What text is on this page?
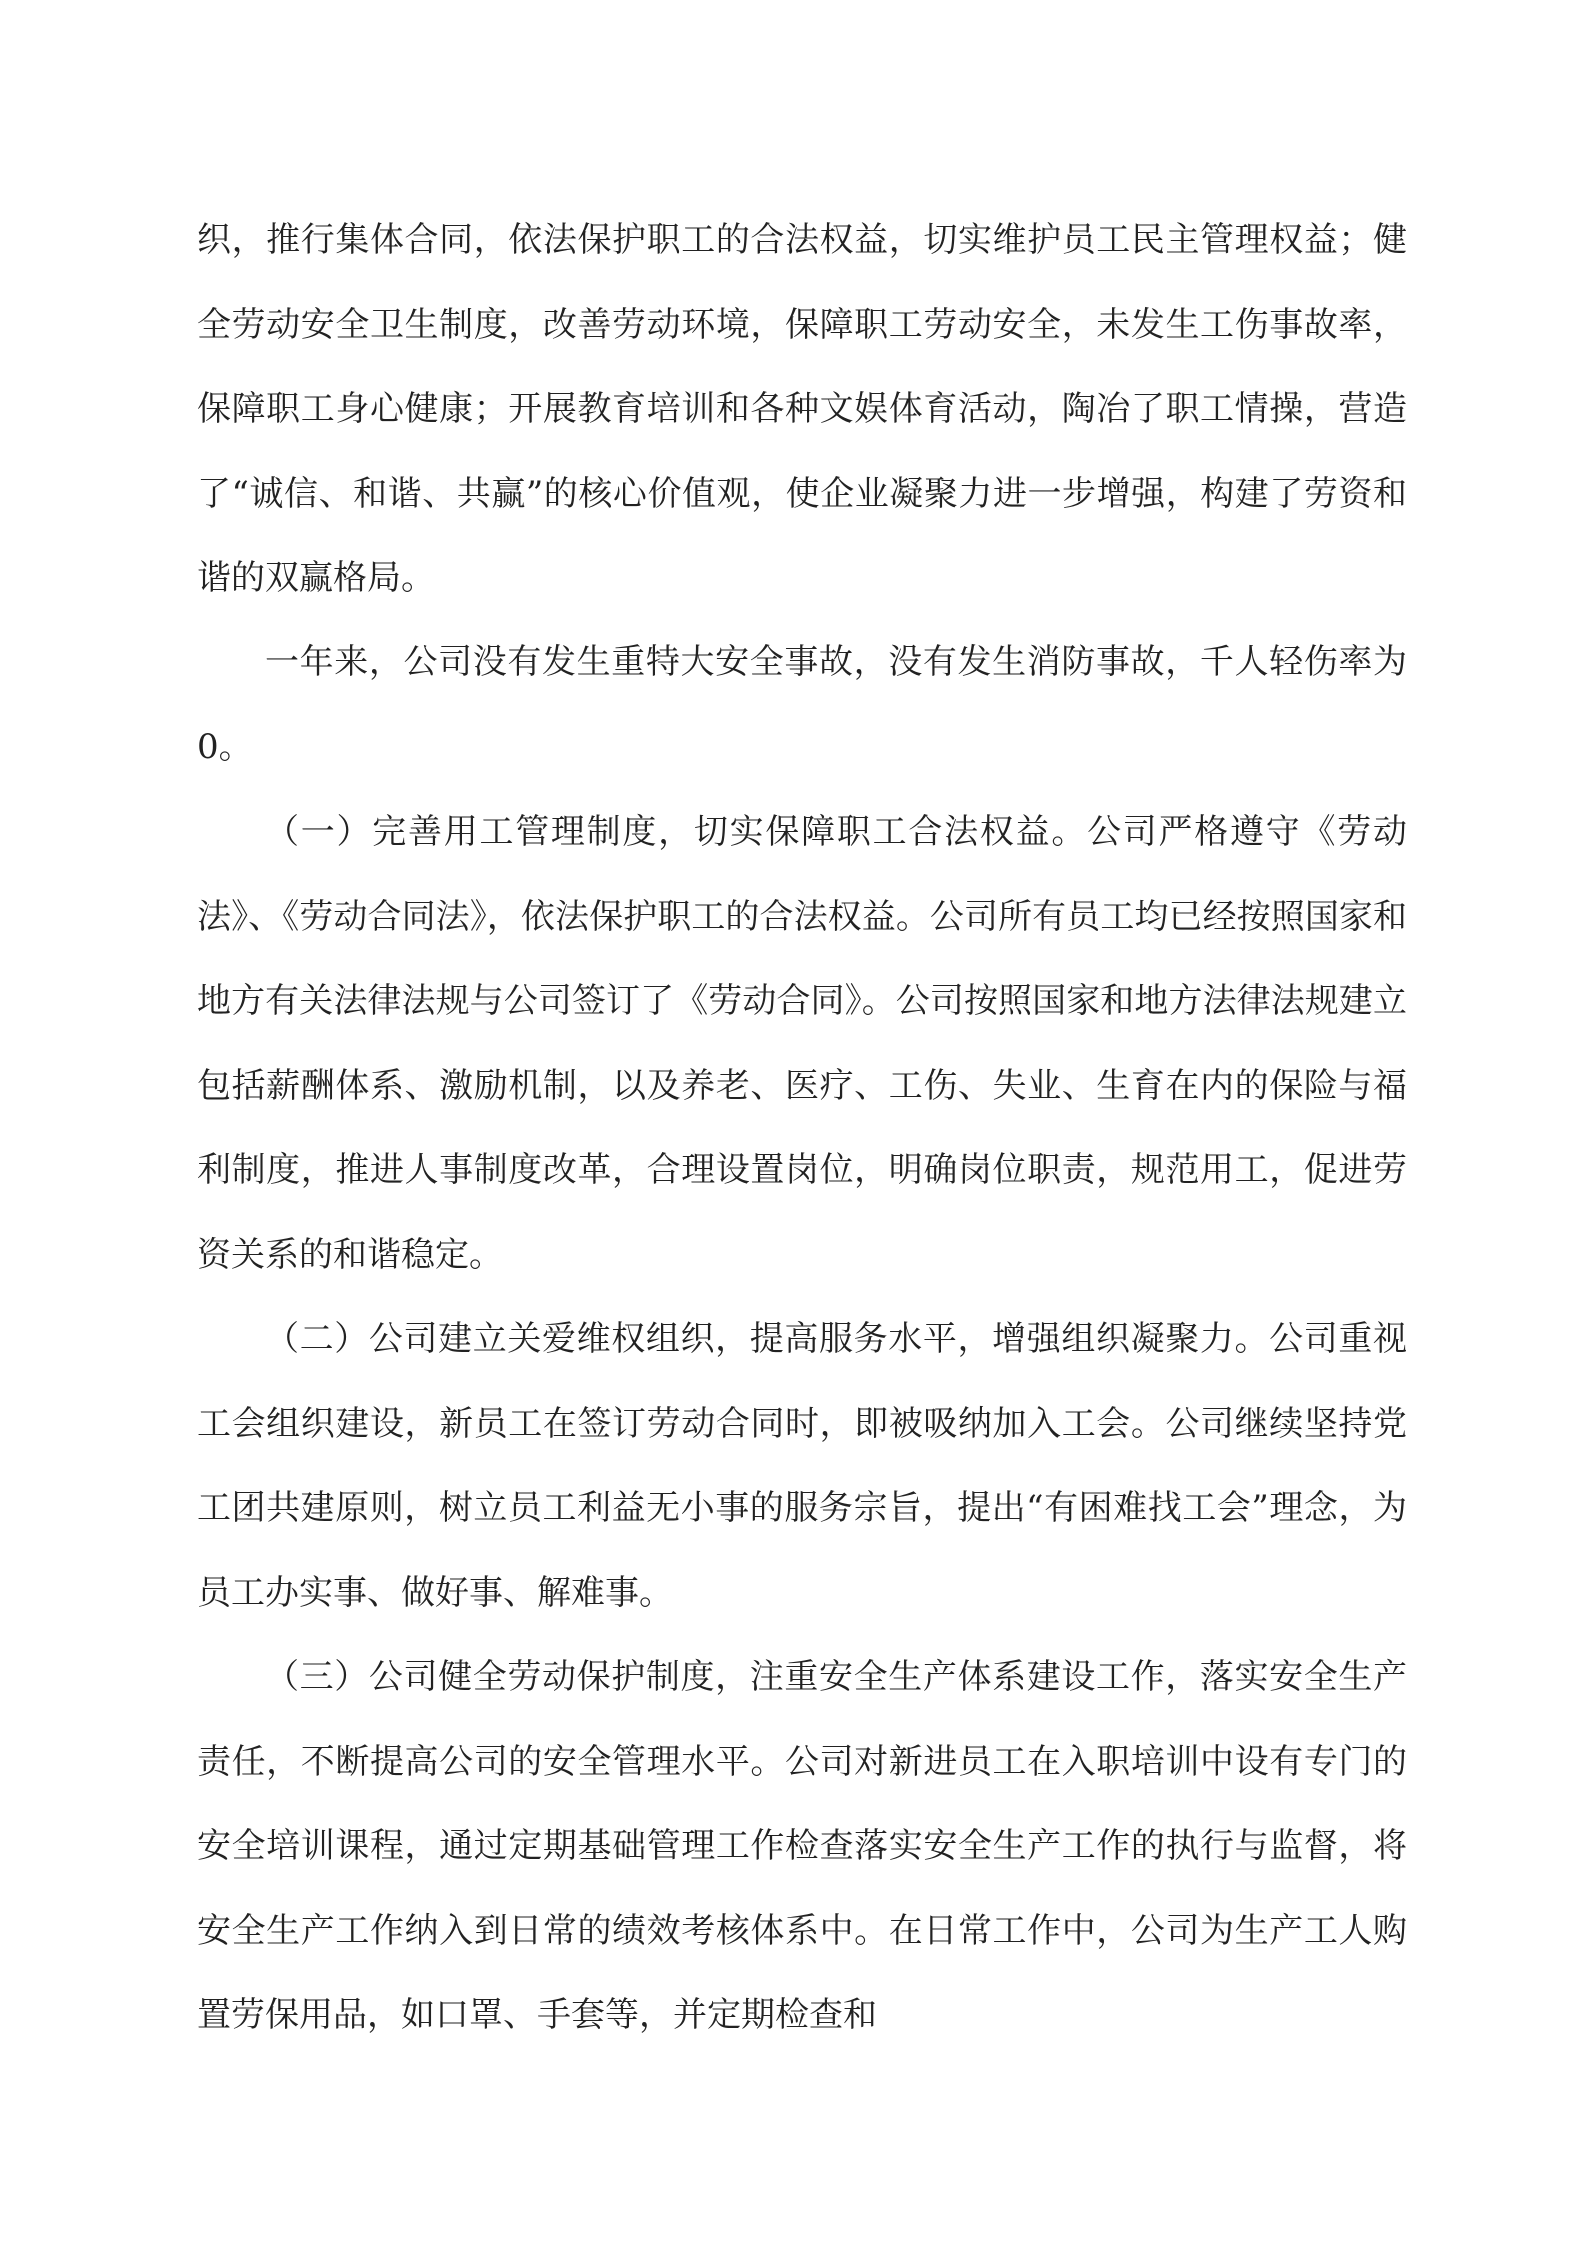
织，推行集体合同，依法保护职工的合法权益，切实维护员工民主管理权益；健全劳动安全卫生制度，改善劳动环境，保障职工劳动安全，未发生工伤事故率，保障职工身心健康；开展教育培训和各种文娱体育活动，陶冶了职工情操，营造了“诚信、和谐、共赢”的核心价值观，使企业凝聚力进一步增强，构建了劳资和谐的双赢格局。

一年来，公司没有发生重特大安全事故，没有发生消防事故，千人轻伤率为0。

（一）完善用工管理制度，切实保障职工合法权益。公司严格遵守《劳动法》、《劳动合同法》，依法保护职工的合法权益。公司所有员工均已经按照国家和地方有关法律法规与公司签订了《劳动合同》。公司按照国家和地方法律法规建立包括薪酬体系、激励机制，以及养老、医疗、工伤、失业、生育在内的保险与福利制度，推进人事制度改革，合理设置岗位，明确岗位职责，规范用工，促进劳资关系的和谐稳定。

（二）公司建立关爱维权组织，提高服务水平，增强组织凝聚力。公司重视工会组织建设，新员工在签订劳动合同时，即被吸纳加入工会。公司继续坚持党工团共建原则，树立员工利益无小事的服务宗旨，提出“有困难找工会”理念，为员工办实事、做好事、解难事。

（三）公司健全劳动保护制度，注重安全生产体系建设工作，落实安全生产责任，不断提高公司的安全管理水平。公司对新进员工在入职培训中设有专门的安全培训课程，通过定期基础管理工作检查落实安全生产工作的执行与监督，将安全生产工作纳入到日常的绩效考核体系中。在日常工作中，公司为生产工人购置劳保用品，如口罩、手套等，并定期检查和
